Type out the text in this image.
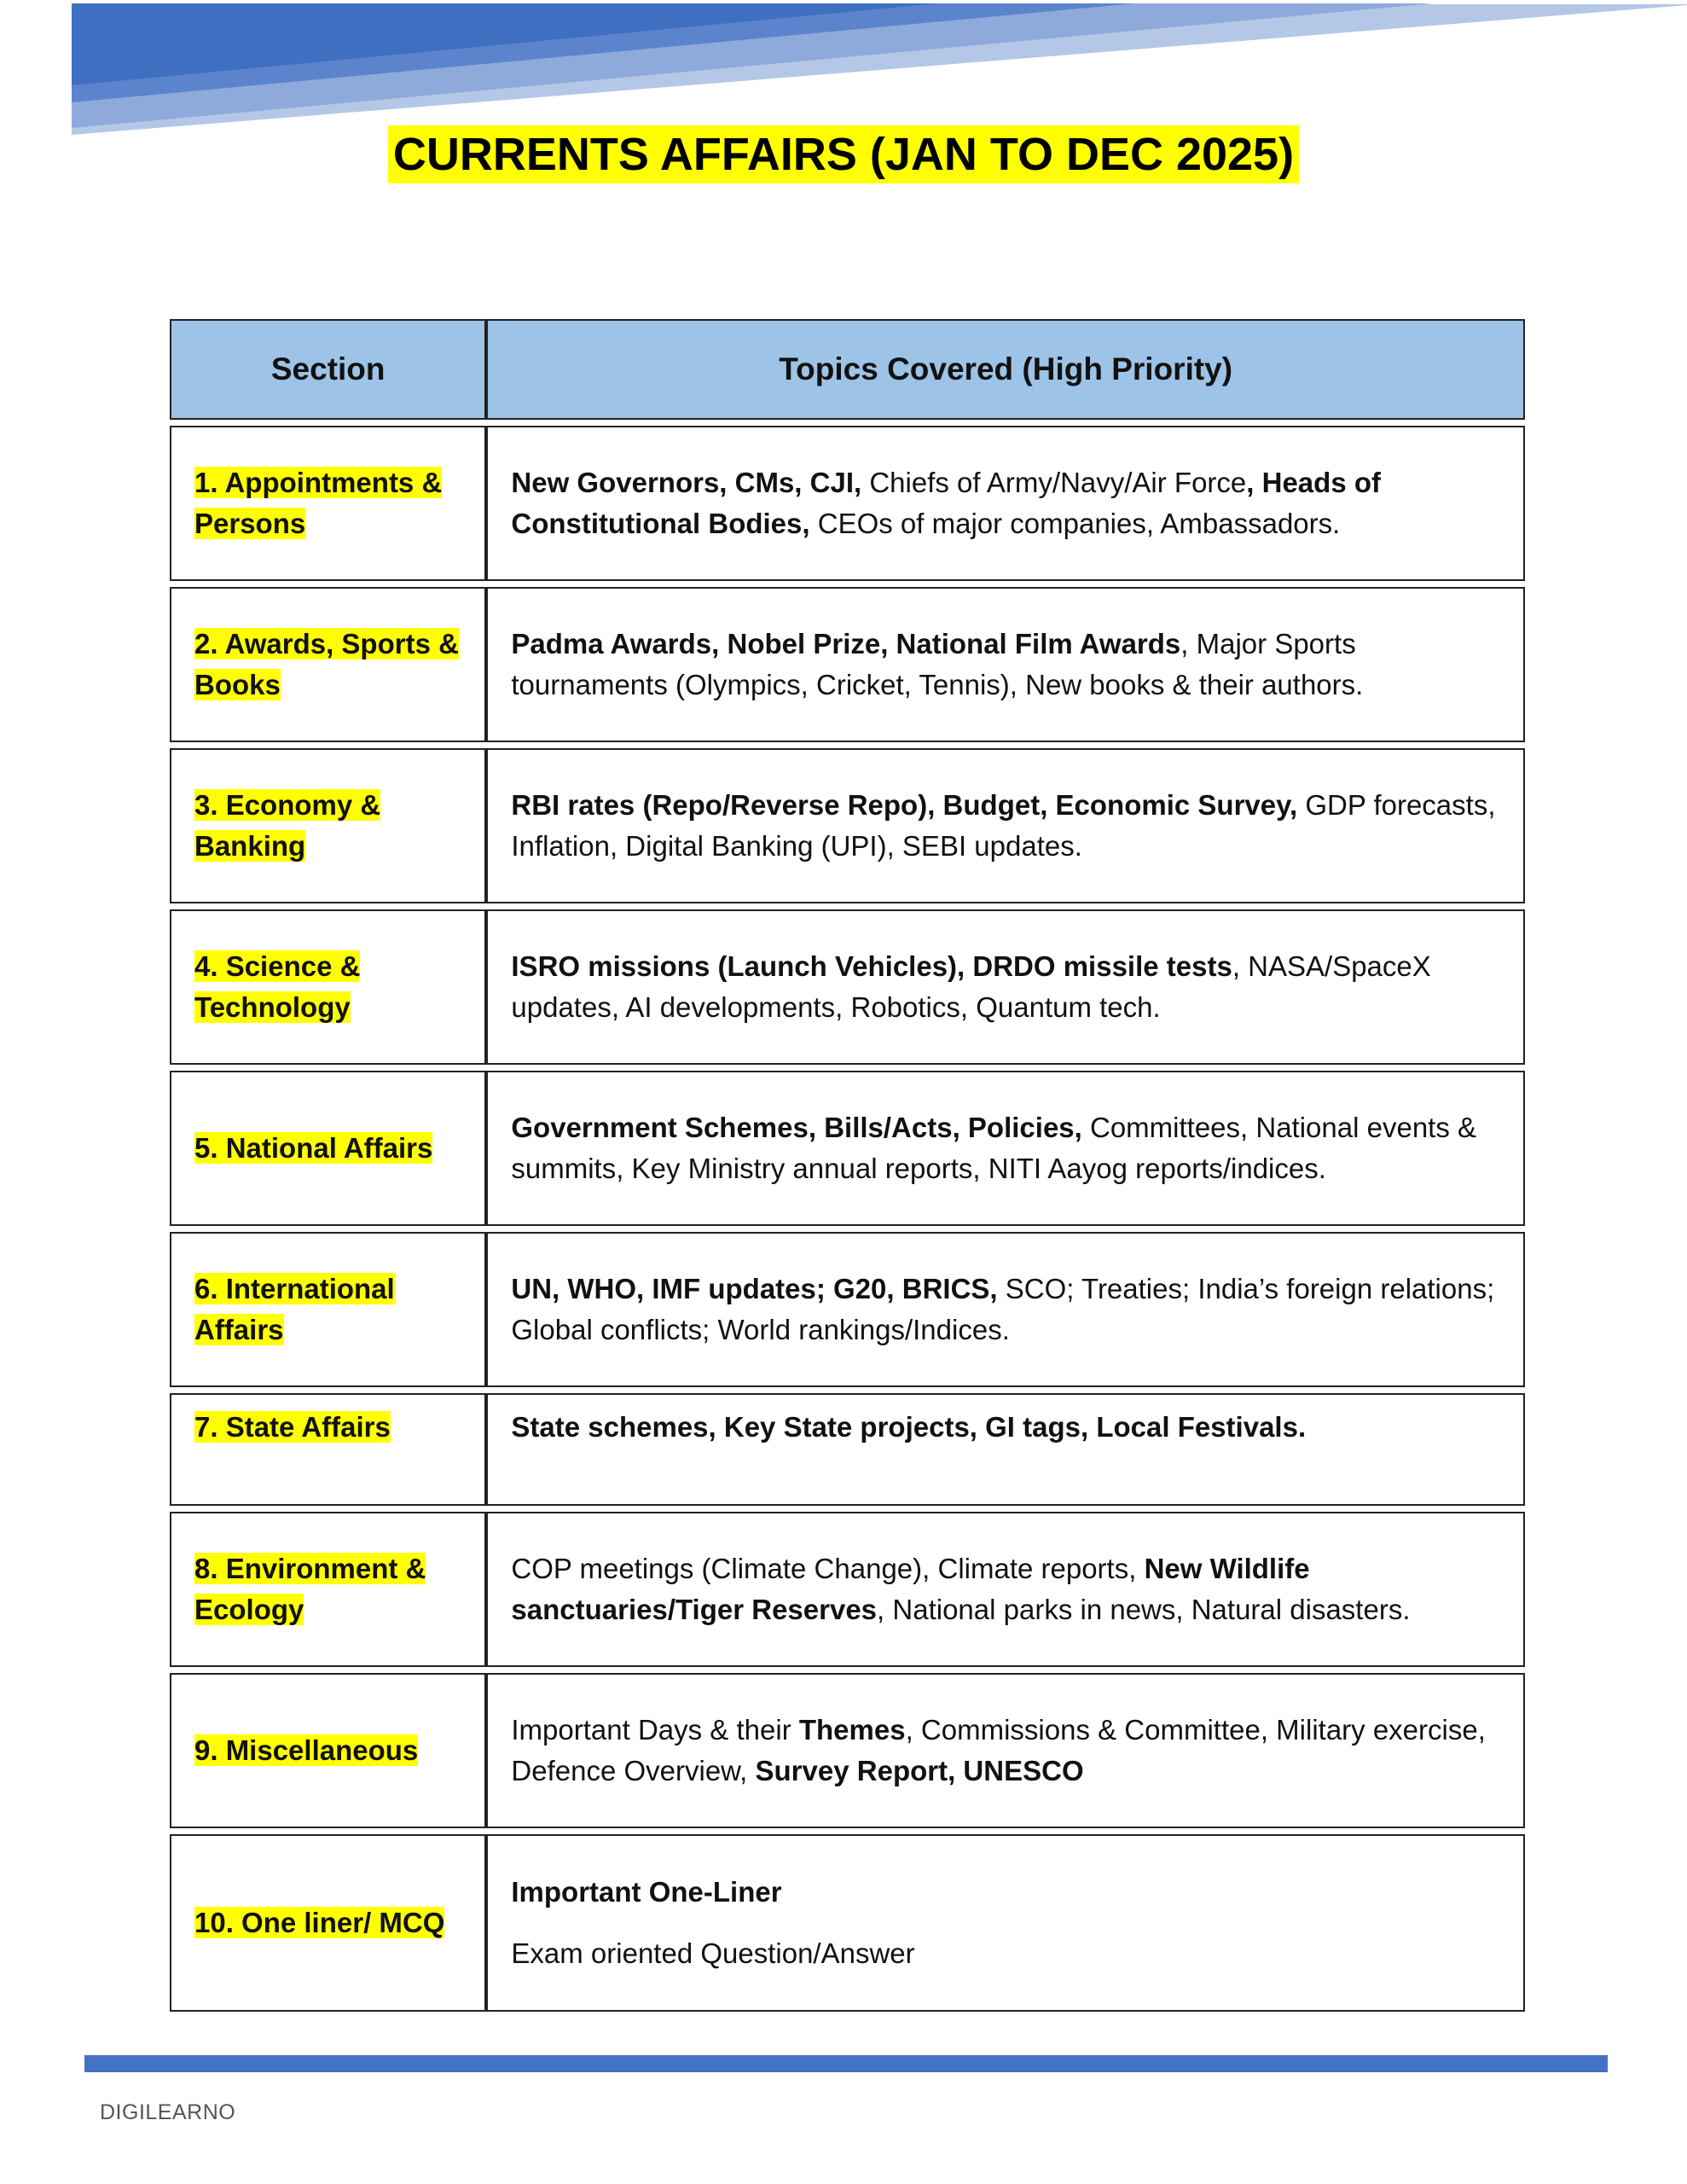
CURRENTS AFFAIRS (JAN TO DEC 2025)
Section	Topics Covered (High Priority)
1. Appointments &
Persons	New Governors, CMs, CJI, Chiefs of Army/Navy/Air Force, Heads of Constitutional Bodies, CEOs of major companies, Ambassadors.
2. Awards, Sports &
Books	Padma Awards, Nobel Prize, National Film Awards, Major Sports tournaments (Olympics, Cricket, Tennis), New books & their authors.
3. Economy &
Banking	RBI rates (Repo/Reverse Repo), Budget, Economic Survey, GDP forecasts, Inflation, Digital Banking (UPI), SEBI updates.
4. Science &
Technology	ISRO missions (Launch Vehicles), DRDO missile tests, NASA/SpaceX updates, AI developments, Robotics, Quantum tech.
5. National Affairs	Government Schemes, Bills/Acts, Policies, Committees, National events & summits, Key Ministry annual reports, NITI Aayog reports/indices.
6. International
Affairs	UN, WHO, IMF updates; G20, BRICS, SCO; Treaties; India’s foreign relations; Global conflicts; World rankings/Indices.
7. State Affairs	State schemes, Key State projects, GI tags, Local Festivals.
8. Environment &
Ecology	COP meetings (Climate Change), Climate reports, New Wildlife sanctuaries/Tiger Reserves, National parks in news, Natural disasters.
9. Miscellaneous	Important Days & their Themes, Commissions & Committee, Military exercise, Defence Overview, Survey Report, UNESCO
10. One liner/ MCQ	Important One-Liner

Exam oriented Question/Answer

DIGILEARNO
